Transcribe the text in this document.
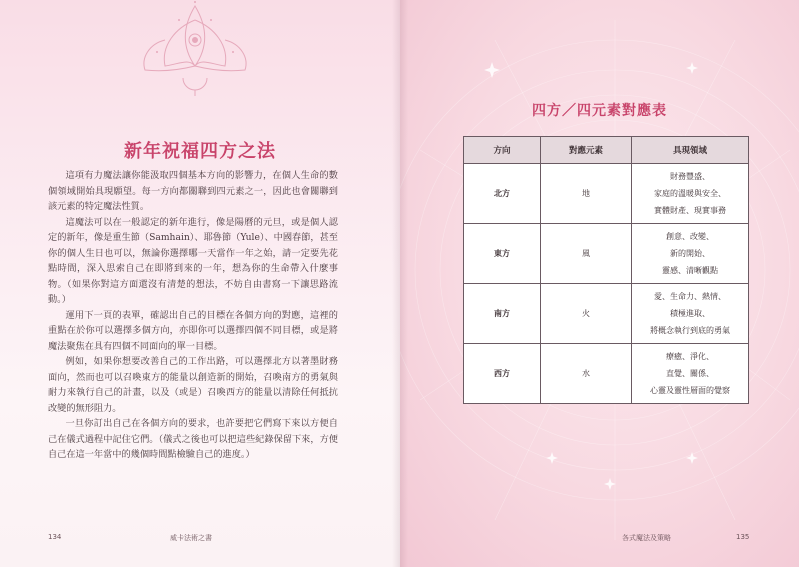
新年祝福四方之法

這項有力魔法讓你能汲取四個基本方向的影響力，在個人生命的數個領域開始具現願望。每一方向都關聯到四元素之一，因此也會關聯到該元素的特定魔法性質。

這魔法可以在一般認定的新年進行，像是陽曆的元旦，或是個人認定的新年，像是重生節（Samhain）、耶魯節（Yule）、中國春節，甚至你的個人生日也可以，無論你選擇哪一天當作一年之始，請一定要先花點時間，深入思索自己在即將到來的一年，想為你的生命帶入什麼事物。（如果你對這方面還沒有清楚的想法，不妨自由書寫一下讓思路流動。）

運用下一頁的表單，確認出自己的目標在各個方向的對應，這裡的重點在於你可以選擇多個方向，亦即你可以選擇四個不同目標，或是將魔法聚焦在具有四個不同面向的單一目標。

例如，如果你想要改善自己的工作出路，可以選擇北方以著墨財務面向，然而也可以召喚東方的能量以創造新的開始，召喚南方的勇氣與耐力來執行自己的計畫，以及（或是）召喚西方的能量以清除任何抵抗改變的無形阻力。

一旦你訂出自己在各個方向的要求，也許要把它們寫下來以方便自己在儀式過程中記住它們。（儀式之後也可以把這些紀錄保留下來，方便自己在這一年當中的幾個時間點檢驗自己的進度。）

134	威卡法術之書
四方／四元素對應表
方向	對應元素	具現領域
北方	地	財務豐盛、
家庭的溫暖與安全、
實體財產、現實事務

東方	風	創意、改變、
新的開始、
靈感、清晰觀點

南方	火	愛、生命力、熱情、
積極進取、
將概念執行到底的勇氣

西方	水	療癒、淨化、
直覺、關係、
心靈及靈性層面的覺察
各式魔法及策略	135
